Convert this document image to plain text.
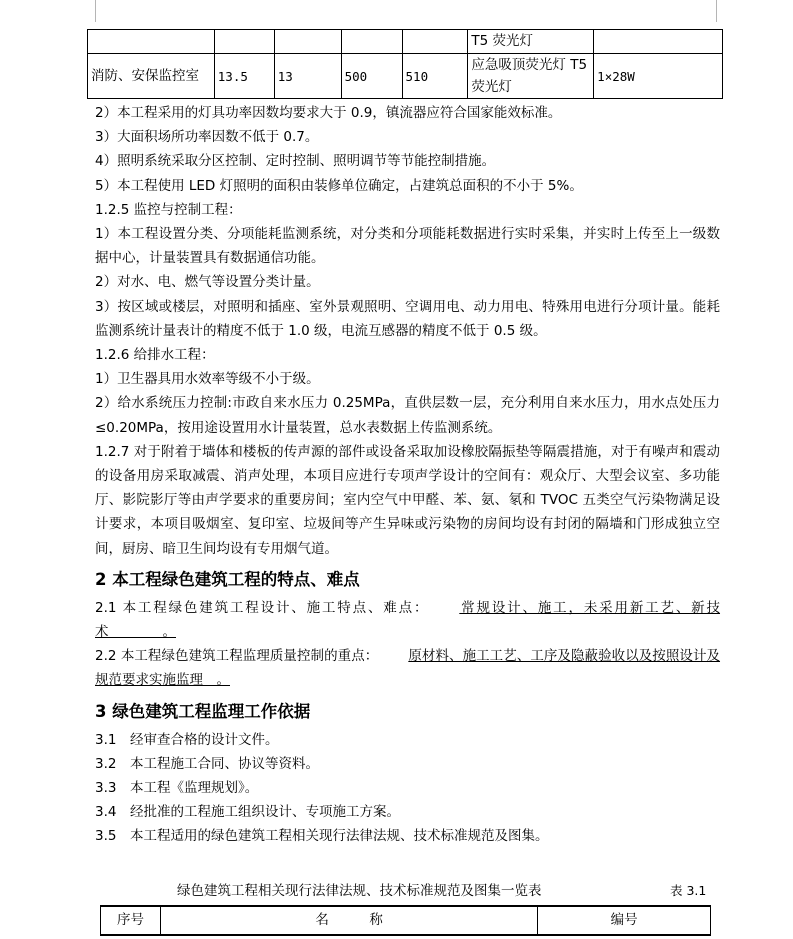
					T5 荧光灯	
消防、安保监控室	13.5	13	500	510	应急吸顶荧光灯 T5 荧光灯	1×28W

2）本工程采用的灯具功率因数均要求大于 0.9，镇流器应符合国家能效标准。

3）大面积场所功率因数不低于 0.7。

4）照明系统采取分区控制、定时控制、照明调节等节能控制措施。

5）本工程使用 LED 灯照明的面积由装修单位确定，占建筑总面积的不小于 5%。

1.2.5 监控与控制工程：

1）本工程设置分类、分项能耗监测系统，对分类和分项能耗数据进行实时采集，并实时上传至上一级数据中心，计量装置具有数据通信功能。

2）对水、电、燃气等设置分类计量。

3）按区域或楼层，对照明和插座、室外景观照明、空调用电、动力用电、特殊用电进行分项计量。能耗监测系统计量表计的精度不低于 1.0 级，电流互感器的精度不低于 0.5 级。

1.2.6 给排水工程：

1）卫生器具用水效率等级不小于级。

2）给水系统压力控制:市政自来水压力 0.25MPa，直供层数一层，充分利用自来水压力，用水点处压力≤0.20MPa，按用途设置用水计量装置，总水表数据上传监测系统。

1.2.7 对于附着于墙体和楼板的传声源的部件或设备采取加设橡胶隔振垫等隔震措施，对于有噪声和震动的设备用房采取减震、消声处理，本项目应进行专项声学设计的空间有：观众厅、大型会议室、多功能厅、影院影厅等由声学要求的重要房间；室内空气中甲醛、苯、氨、氡和 TVOC 五类空气污染物满足设计要求，本项目吸烟室、复印室、垃圾间等产生异味或污染物的房间均设有封闭的隔墙和门形成独立空间，厨房、暗卫生间均设有专用烟气道。

2 本工程绿色建筑工程的特点、难点

2.1 本工程绿色建筑工程设计、施工特点、难点： 常规设计、施工，未采用新工艺、新技术　　　　	。

2.2 本工程绿色建筑工程监理质量控制的重点： 原材料、施工工艺、工序及隐蔽验收以及按照设计及规范要求实施监理　 。

3 绿色建筑工程监理工作依据

3.1　经审查合格的设计文件。

3.2　本工程施工合同、协议等资料。

3.3　本工程《监理规划》。

3.4　经批准的工程施工组织设计、专项施工方案。

3.5　本工程适用的绿色建筑工程相关现行法律法规、技术标准规范及图集。

绿色建筑工程相关现行法律法规、技术标准规范及图集一览表	表 3.1
序号	名　　　称	编号
